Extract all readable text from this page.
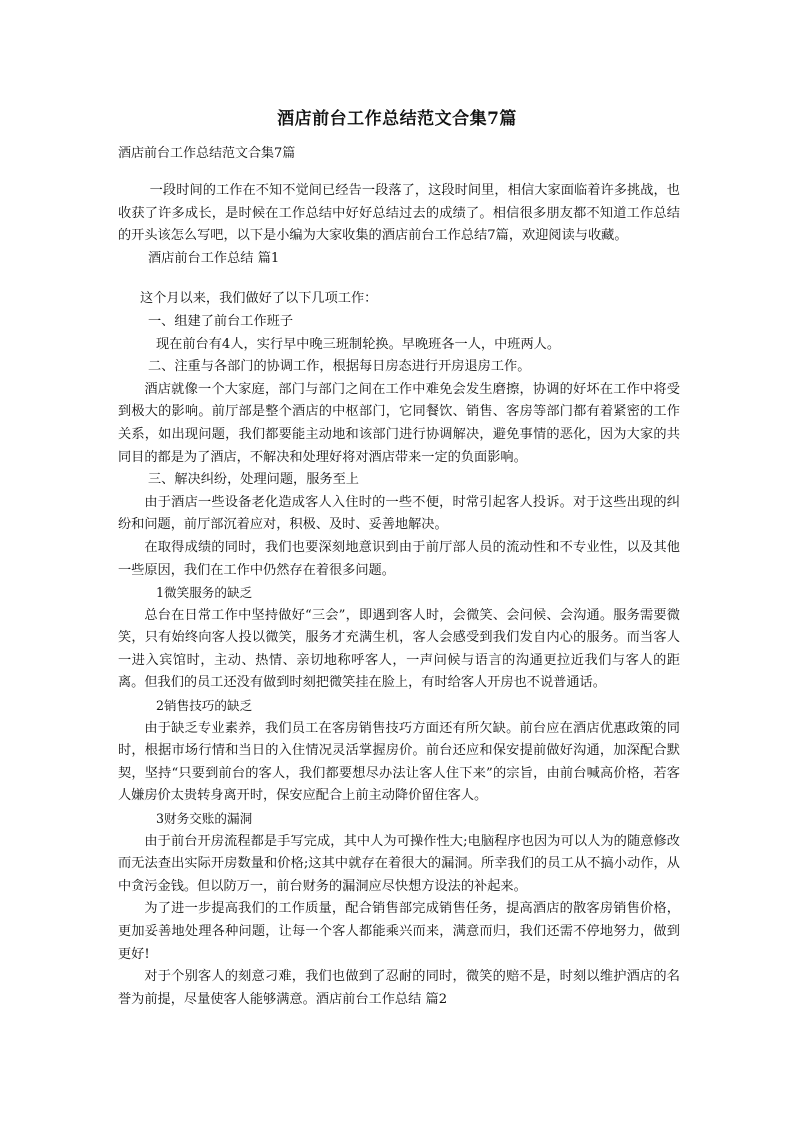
酒店前台工作总结范文合集7篇

酒店前台工作总结范文合集7篇

一段时间的工作在不知不觉间已经告一段落了，这段时间里，相信大家面临着许多挑战，也收获了许多成长，是时候在工作总结中好好总结过去的成绩了。相信很多朋友都不知道工作总结的开头该怎么写吧，以下是小编为大家收集的酒店前台工作总结7篇，欢迎阅读与收藏。

酒店前台工作总结 篇1

这个月以来，我们做好了以下几项工作：

一、组建了前台工作班子

现在前台有4人，实行早中晚三班制轮换。早晚班各一人，中班两人。

二、注重与各部门的协调工作，根据每日房态进行开房退房工作。

酒店就像一个大家庭，部门与部门之间在工作中难免会发生磨擦，协调的好坏在工作中将受到极大的影响。前厅部是整个酒店的中枢部门，它同餐饮、销售、客房等部门都有着紧密的工作关系，如出现问题，我们都要能主动地和该部门进行协调解决，避免事情的恶化，因为大家的共同目的都是为了酒店，不解决和处理好将对酒店带来一定的负面影响。

三、解决纠纷，处理问题，服务至上

由于酒店一些设备老化造成客人入住时的一些不便，时常引起客人投诉。对于这些出现的纠纷和问题，前厅部沉着应对，积极、及时、妥善地解决。

在取得成绩的同时，我们也要深刻地意识到由于前厅部人员的流动性和不专业性，以及其他一些原因，我们在工作中仍然存在着很多问题。

1微笑服务的缺乏

总台在日常工作中坚持做好“三会”，即遇到客人时，会微笑、会问候、会沟通。服务需要微笑，只有始终向客人投以微笑，服务才充满生机，客人会感受到我们发自内心的服务。而当客人一进入宾馆时，主动、热情、亲切地称呼客人，一声问候与语言的沟通更拉近我们与客人的距离。但我们的员工还没有做到时刻把微笑挂在脸上，有时给客人开房也不说普通话。

2销售技巧的缺乏

由于缺乏专业素养，我们员工在客房销售技巧方面还有所欠缺。前台应在酒店优惠政策的同时，根据市场行情和当日的入住情况灵活掌握房价。前台还应和保安提前做好沟通，加深配合默契，坚持“只要到前台的客人，我们都要想尽办法让客人住下来”的宗旨，由前台喊高价格，若客人嫌房价太贵转身离开时，保安应配合上前主动降价留住客人。

3财务交账的漏洞

由于前台开房流程都是手写完成，其中人为可操作性大;电脑程序也因为可以人为的随意修改而无法查出实际开房数量和价格;这其中就存在着很大的漏洞。所幸我们的员工从不搞小动作，从中贪污金钱。但以防万一，前台财务的漏洞应尽快想方设法的补起来。

为了进一步提高我们的工作质量，配合销售部完成销售任务，提高酒店的散客房销售价格，更加妥善地处理各种问题，让每一个客人都能乘兴而来，满意而归，我们还需不停地努力，做到更好!

对于个别客人的刻意刁难，我们也做到了忍耐的同时，微笑的赔不是，时刻以维护酒店的名誉为前提，尽量使客人能够满意。酒店前台工作总结 篇2
